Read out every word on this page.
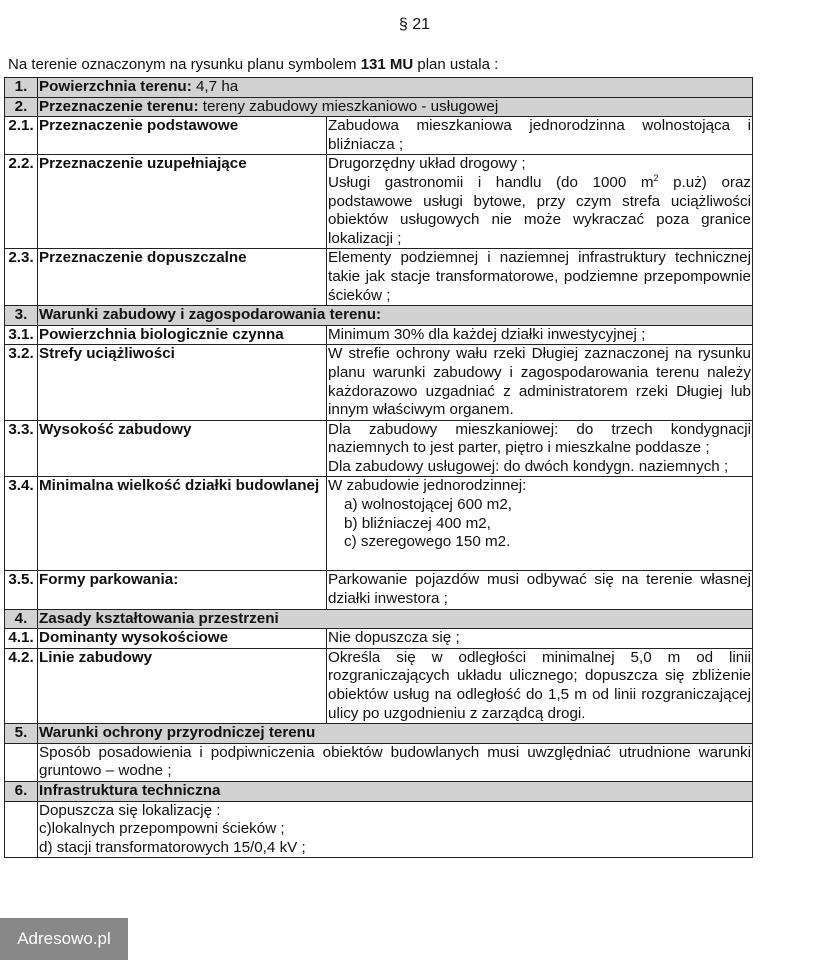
§ 21
Na terenie oznaczonym na rysunku planu symbolem 131 MU plan ustala :
1.	Powierzchnia terenu: 4,7 ha	
2.	Przeznaczenie terenu: tereny zabudowy mieszkaniowo - usługowej	
2.1.	Przeznaczenie podstawowe	Zabudowa mieszkaniowa jednorodzinna wolnostojąca i bliźniacza ;
2.2.	Przeznaczenie uzupełniające	Drugorzędny układ drogowy ;
Usługi gastronomii i handlu (do 1000 $m^2$ p.uż) oraz podstawowe usługi bytowe, przy czym strefa uciążliwości obiektów usługowych nie może wykraczać poza granice lokalizacji ;

2.3.	Przeznaczenie dopuszczalne	Elementy podziemnej i naziemnej infrastruktury technicznej takie jak stacje transformatorowe, podziemne przepompownie ścieków ;
3.	Warunki zabudowy i zagospodarowania terenu:	
3.1.	Powierzchnia biologicznie czynna	Minimum 30% dla każdej działki inwestycyjnej ;
3.2.	Strefy uciążliwości	W strefie ochrony wału rzeki Długiej zaznaczonej na rysunku planu warunki zabudowy i zagospodarowania terenu należy każdorazowo uzgadniać z administratorem rzeki Długiej lub innym właściwym organem.
3.3.	Wysokość zabudowy	Dla zabudowy mieszkaniowej: do trzech kondygnacji naziemnych to jest parter, piętro i mieszkalne poddasze ;
Dla zabudowy usługowej: do dwóch kondygn. naziemnych ;

3.4.	Minimalna wielkość działki budowlanej	W zabudowie jednorodzinnej:
a) wolnostojącej 600 m2,
b) bliźniaczej 400 m2,
c) szeregowego 150 m2.

3.5.	Formy parkowania:	Parkowanie pojazdów musi odbywać się na terenie własnej działki inwestora ;
4.	Zasady kształtowania przestrzeni	
4.1.	Dominanty wysokościowe	Nie dopuszcza się ;
4.2.	Linie zabudowy	Określa się w odległości minimalnej 5,0 m od linii rozgraniczających układu ulicznego; dopuszcza się zbliżenie obiektów usług na odległość do 1,5 m od linii rozgraniczającej ulicy po uzgodnieniu z zarządcą drogi.
5.	Warunki ochrony przyrodniczej terenu	
	Sposób posadowienia i podpiwniczenia obiektów budowlanych musi uwzględniać utrudnione warunki gruntowo – wodne ;	
6.	Infrastruktura techniczna	

	Dopuszcza się lokalizację :
c)lokalnych przepompowni ścieków ;
d) stacji transformatorowych 15/0,4 kV ;	
Adresowo.pl
